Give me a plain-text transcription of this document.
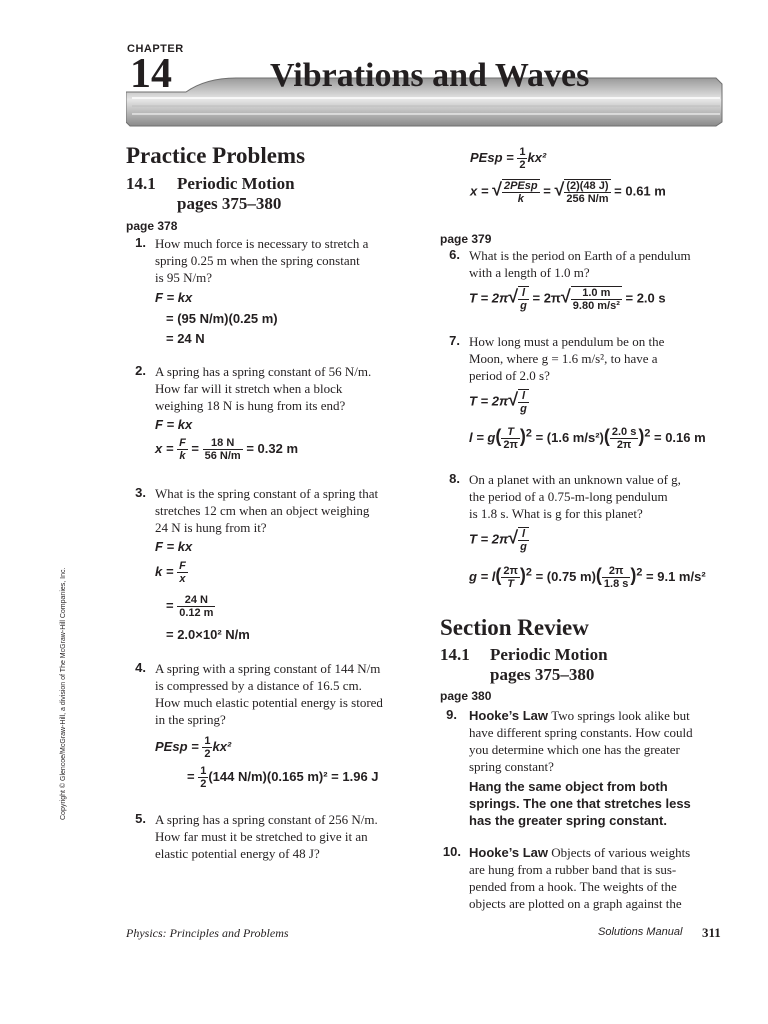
CHAPTER
14	Vibrations and Waves
Practice Problems
14.1 Periodic Motion
pages 375–380
page 378
1. How much force is necessary to stretch a
spring 0.25 m when the spring constant
is 95 N/m?
F = kx
= (95 N/m)(0.25 m)
= 24 N
2. A spring has a spring constant of 56 N/m.
How far will it stretch when a block
weighing 18 N is hung from its end?
F = kx
$x = \frac{F}{k} = \frac{18 N}{56 N/m} = 0.32$ m
3. What is the spring constant of a spring that
stretches 12 cm when an object weighing
24 N is hung from it?
F = kx
$k = \frac{F}{x}$
= $\frac{24 N}{0.12 m}$
= 2.0×10² N/m
4. A spring with a spring constant of 144 N/m
is compressed by a distance of 16.5 cm.
How much elastic potential energy is stored
in the spring?
PEsp = $\frac{1}{2} kx^2$
= $\frac{1}{2} (144$ N/m)(0.165 m)² = 1.96 J
5. A spring has a spring constant of 256 N/m.
How far must it be stretched to give it an
elastic potential energy of 48 J?
PEsp = $\frac{1}{2} kx^2$
x = √ $\frac{\text{2PEsp}}{k}$ = √ $\frac{(2)(48 J)}{256 N/m} = 0.61$ m
page 379
6. What is the period on Earth of a pendulum
with a length of 1.0 m?
$T = 2\pi√ \frac{l}{g} = 2\pi√ \frac{1.0 m}{\text{9.80 m/s²}} = 2.0$ s
7. How long must a pendulum be on the
Moon, where g = 1.6 m/s², to have a
period of 2.0 s?
$T = 2\pi√ \frac{l}{g}$
$l = g( \frac{T}{2\pi} )^2 = (1.6$ $m/s^2)( \frac{2.0 s}{2\pi} )^2 = 0.16$ m
8. On a planet with an unknown value of g,
the period of a 0.75-m-long pendulum
is 1.8 s. What is g for this planet?
$T = 2\pi√ \frac{l}{g}$
$g = l( \frac{2\pi}{T} )^2 = (0.75$ $m)( \frac{2\pi}{1.8 s} )^2 = 9.1$ m/s²
Section Review
14.1 Periodic Motion
pages 375–380
page 380
9. Hooke’s Law Two springs look alike but
have different spring constants. How could
you determine which one has the greater
spring constant?
Hang the same object from both
springs. The one that stretches less
has the greater spring constant.
10. Hooke’s Law Objects of various weights
are hung from a rubber band that is sus-
pended from a hook. The weights of the
objects are plotted on a graph against the
Copyright © Glencoe/McGraw-Hill, a division of The McGraw-Hill Companies, Inc.
Physics: Principles and Problems	Solutions Manual 311
